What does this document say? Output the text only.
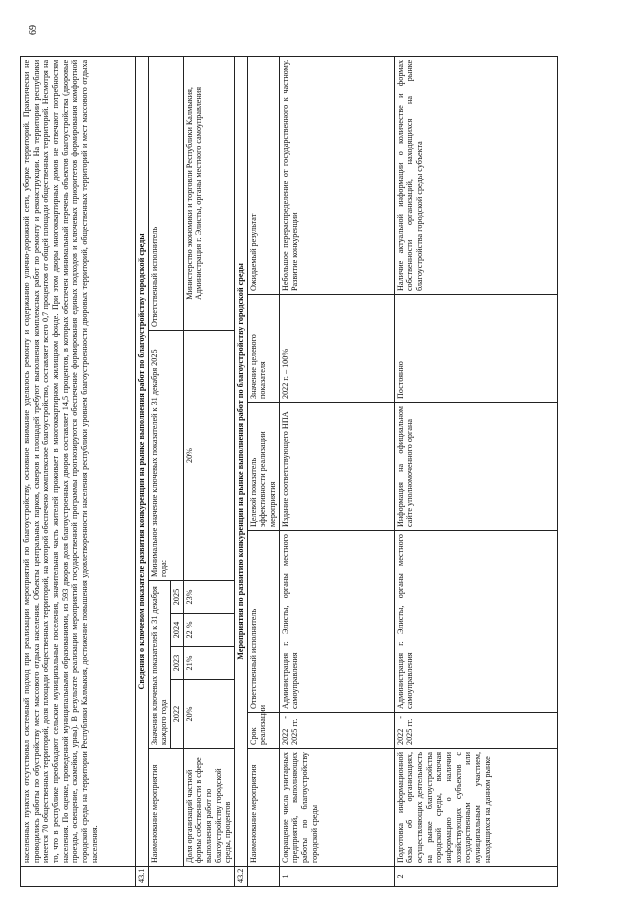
	населенных пунктах отсутствовал системный подход при реализации мероприятий по благоустройству, основное внимание уделялось ремонту и содержанию улично-дорожной сети, уборке территорий. Практически не проводились работы по обустройству мест массового отдыха населения. Объекты центральных парков, скверов и площадей требуют выполнения комплексных работ по ремонту и реконструкции. На территории республики имеется 70 общественных территорий, доля площади общественных территорий, на которой обеспечено комплексное благоустройство, составляет всего 0,7 процентов от общей площади общественных территорий. Несмотря на то, что в республике преобладают сельские муниципальные поселения, значительная часть жителей проживает в многоквартирном жилищном фонде. При этом дворы многоквартирных домов не отвечают потребностям населения. По оценке, проведенной муниципальными образованиями, из 593 дворов доля благоустроенных дворов составляет 14,5 процентов, в которых обеспечен минимальный перечень объектов благоустройства (дворовые проезды, освещение, скамейки, урны). В результате реализации мероприятий государственной программы прогнозируются обеспечение формирования единых подходов и ключевых приоритетов формирования комфортной городской среды на территории Республики Калмыкия, достижение повышения удовлетворенности населения республики уровнем благоустроенности дворовых территорий, общественных территорий и мест массового отдыха населения.										
43.1	Сведения о ключевом показателе развития конкуренции на рынке выполнения работ по благоустройству городской среды										
	Наименование мероприятия	Значения ключевых показателей к 31 декабря каждого года					Минимальное значение ключевых показателей к 31 декабря 2025 года:			Ответственный исполнитель	
		2022		2023	2024	2025					
	Доля организаций частной формы собственности в сфере выполнения работ по благоустройству городской среды, процентов	20%		21%	22 %	23%	20%			Министерство экономики и торговли Республики Калмыкия, Администрация г. Элисты, органы местного самоуправления	
43.2	Мероприятия по развитию конкуренции на рынке выполнения работ по благоустройству городской среды										
	Наименование мероприятия	Срок реализации	Ответственный исполнитель					Целевой показатель эффективности реализации мероприятия	Значение целевого показателя		Ожидаемый результат
1	Сокращение числа унитарных предприятий, выполняющих работы по благоустройству городской среды	2022 - 2025 гг.	Администрация г. Элисты, органы местного самоуправления					Издание соответствующего НПА	2022 г. – 100%		Небольшое перераспределение от государственного к частному. Развитие конкуренции
2	Подготовка информационной базы об организациях, осуществляющих деятельность на рынке благоустройства городской среды, включая информацию о наличии хозяйствующих субъектов с государственным или муниципальным участием, находящихся на данном рынке	2022 - 2025 гг.	Администрация г. Элисты, органы местного самоуправления					Информация на официальном сайте уполномоченного органа	Постоянно		Наличие актуальной информации о количестве и формах собственности организаций, находящихся на рынке благоустройства городской среды субъекта
69
